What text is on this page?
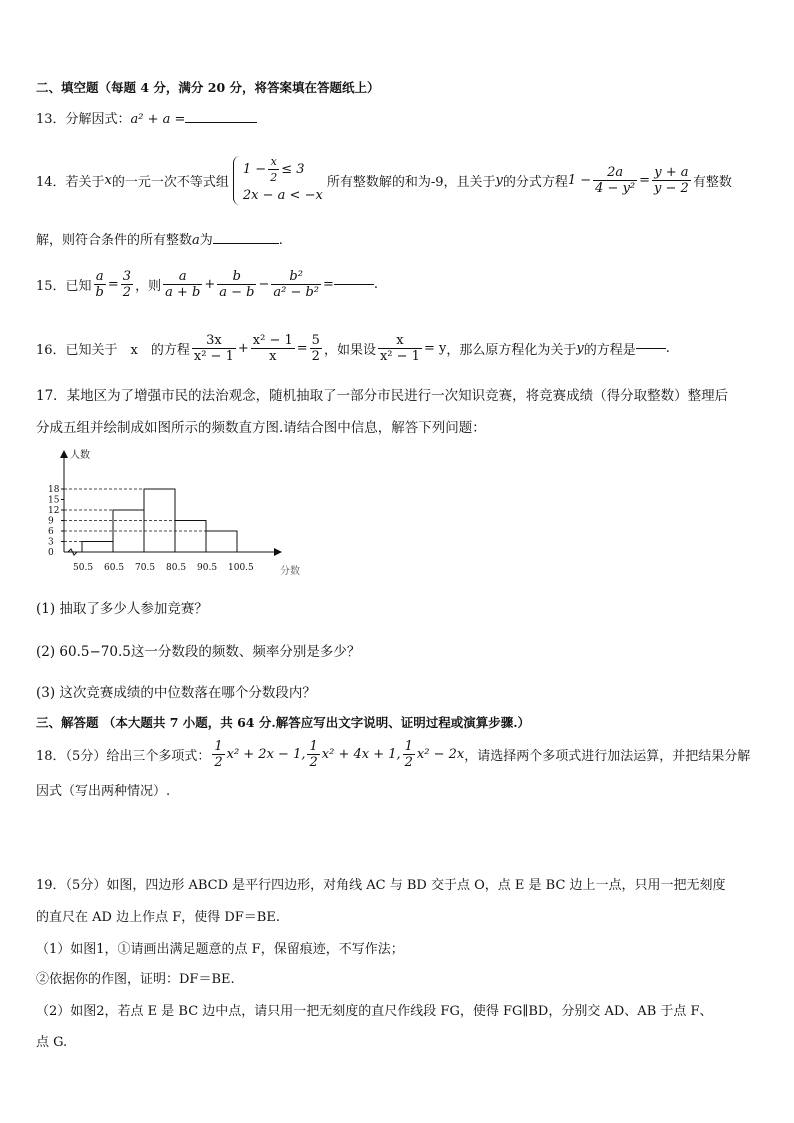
二、填空题（每题 4 分，满分 20 分，将答案填在答题纸上）
13．分解因式：a² + a =
14．若关于 x 的一元一次不等式组
$1 - \frac{x}{2} \le 3$
2x − a < −x
所有整数解的和为-9，且关于 y 的分式方程 $1 - \frac{2a}{\text{4 − y²}} = \frac{y + a}{y - 2}$ 有整数
解，则符合条件的所有整数a为	.
15．已知 $\frac{a}{b} = \frac{3}{2}$ ，则 $\frac{a}{a + b} + \frac{b}{a - b} - \frac{\text{b²}}{\text{a² − b²}}$ =	.
16．已知关于　x　的方程 $\frac{3x}{\text{x² − 1}} + \frac{\text{x² − 1}}{x} = \frac{5}{2}$ ，如果设 $\frac{x}{\text{x² − 1}} = y$ ，那么原方程化为关于 y 的方程是 .
17．某地区为了增强市民的法治观念，随机抽取了一部分市民进行一次知识竞赛，将竞赛成绩（得分取整数）整理后
分成五组并绘制成如图所示的频数直方图.请结合图中信息，解答下列问题：
人数
分数
0
3
6
9
12
15
18
50.5 60.5 70.5 80.5 90.5 100.5
(1) 抽取了多少人参加竞赛？
(2) 60.5−70.5这一分数段的频数、频率分别是多少？
(3) 这次竞赛成绩的中位数落在哪个分数段内？
三、解答题 （本大题共 7 小题，共 64 分.解答应写出文字说明、证明过程或演算步骤.）
18．（5分）给出三个多项式： $\frac{1}{2} x^2 + 2x - 1$, $\frac{1}{2} x^2 + 4x + 1$, $\frac{1}{2} x^2 - 2x$ ，请选择两个多项式进行加法运算，并把结果分解
因式（写出两种情况）.
19．（5分）如图，四边形 ABCD 是平行四边形，对角线 AC 与 BD 交于点 O，点 E 是 BC 边上一点，只用一把无刻度
的直尺在 AD 边上作点 F，使得 DF＝BE.
（1）如图1，①请画出满足题意的点 F，保留痕迹，不写作法；
②依据你的作图，证明：DF＝BE.
（2）如图2，若点 E 是 BC 边中点，请只用一把无刻度的直尺作线段 FG，使得 FG∥BD，分别交 AD、AB 于点 F、
点 G.
